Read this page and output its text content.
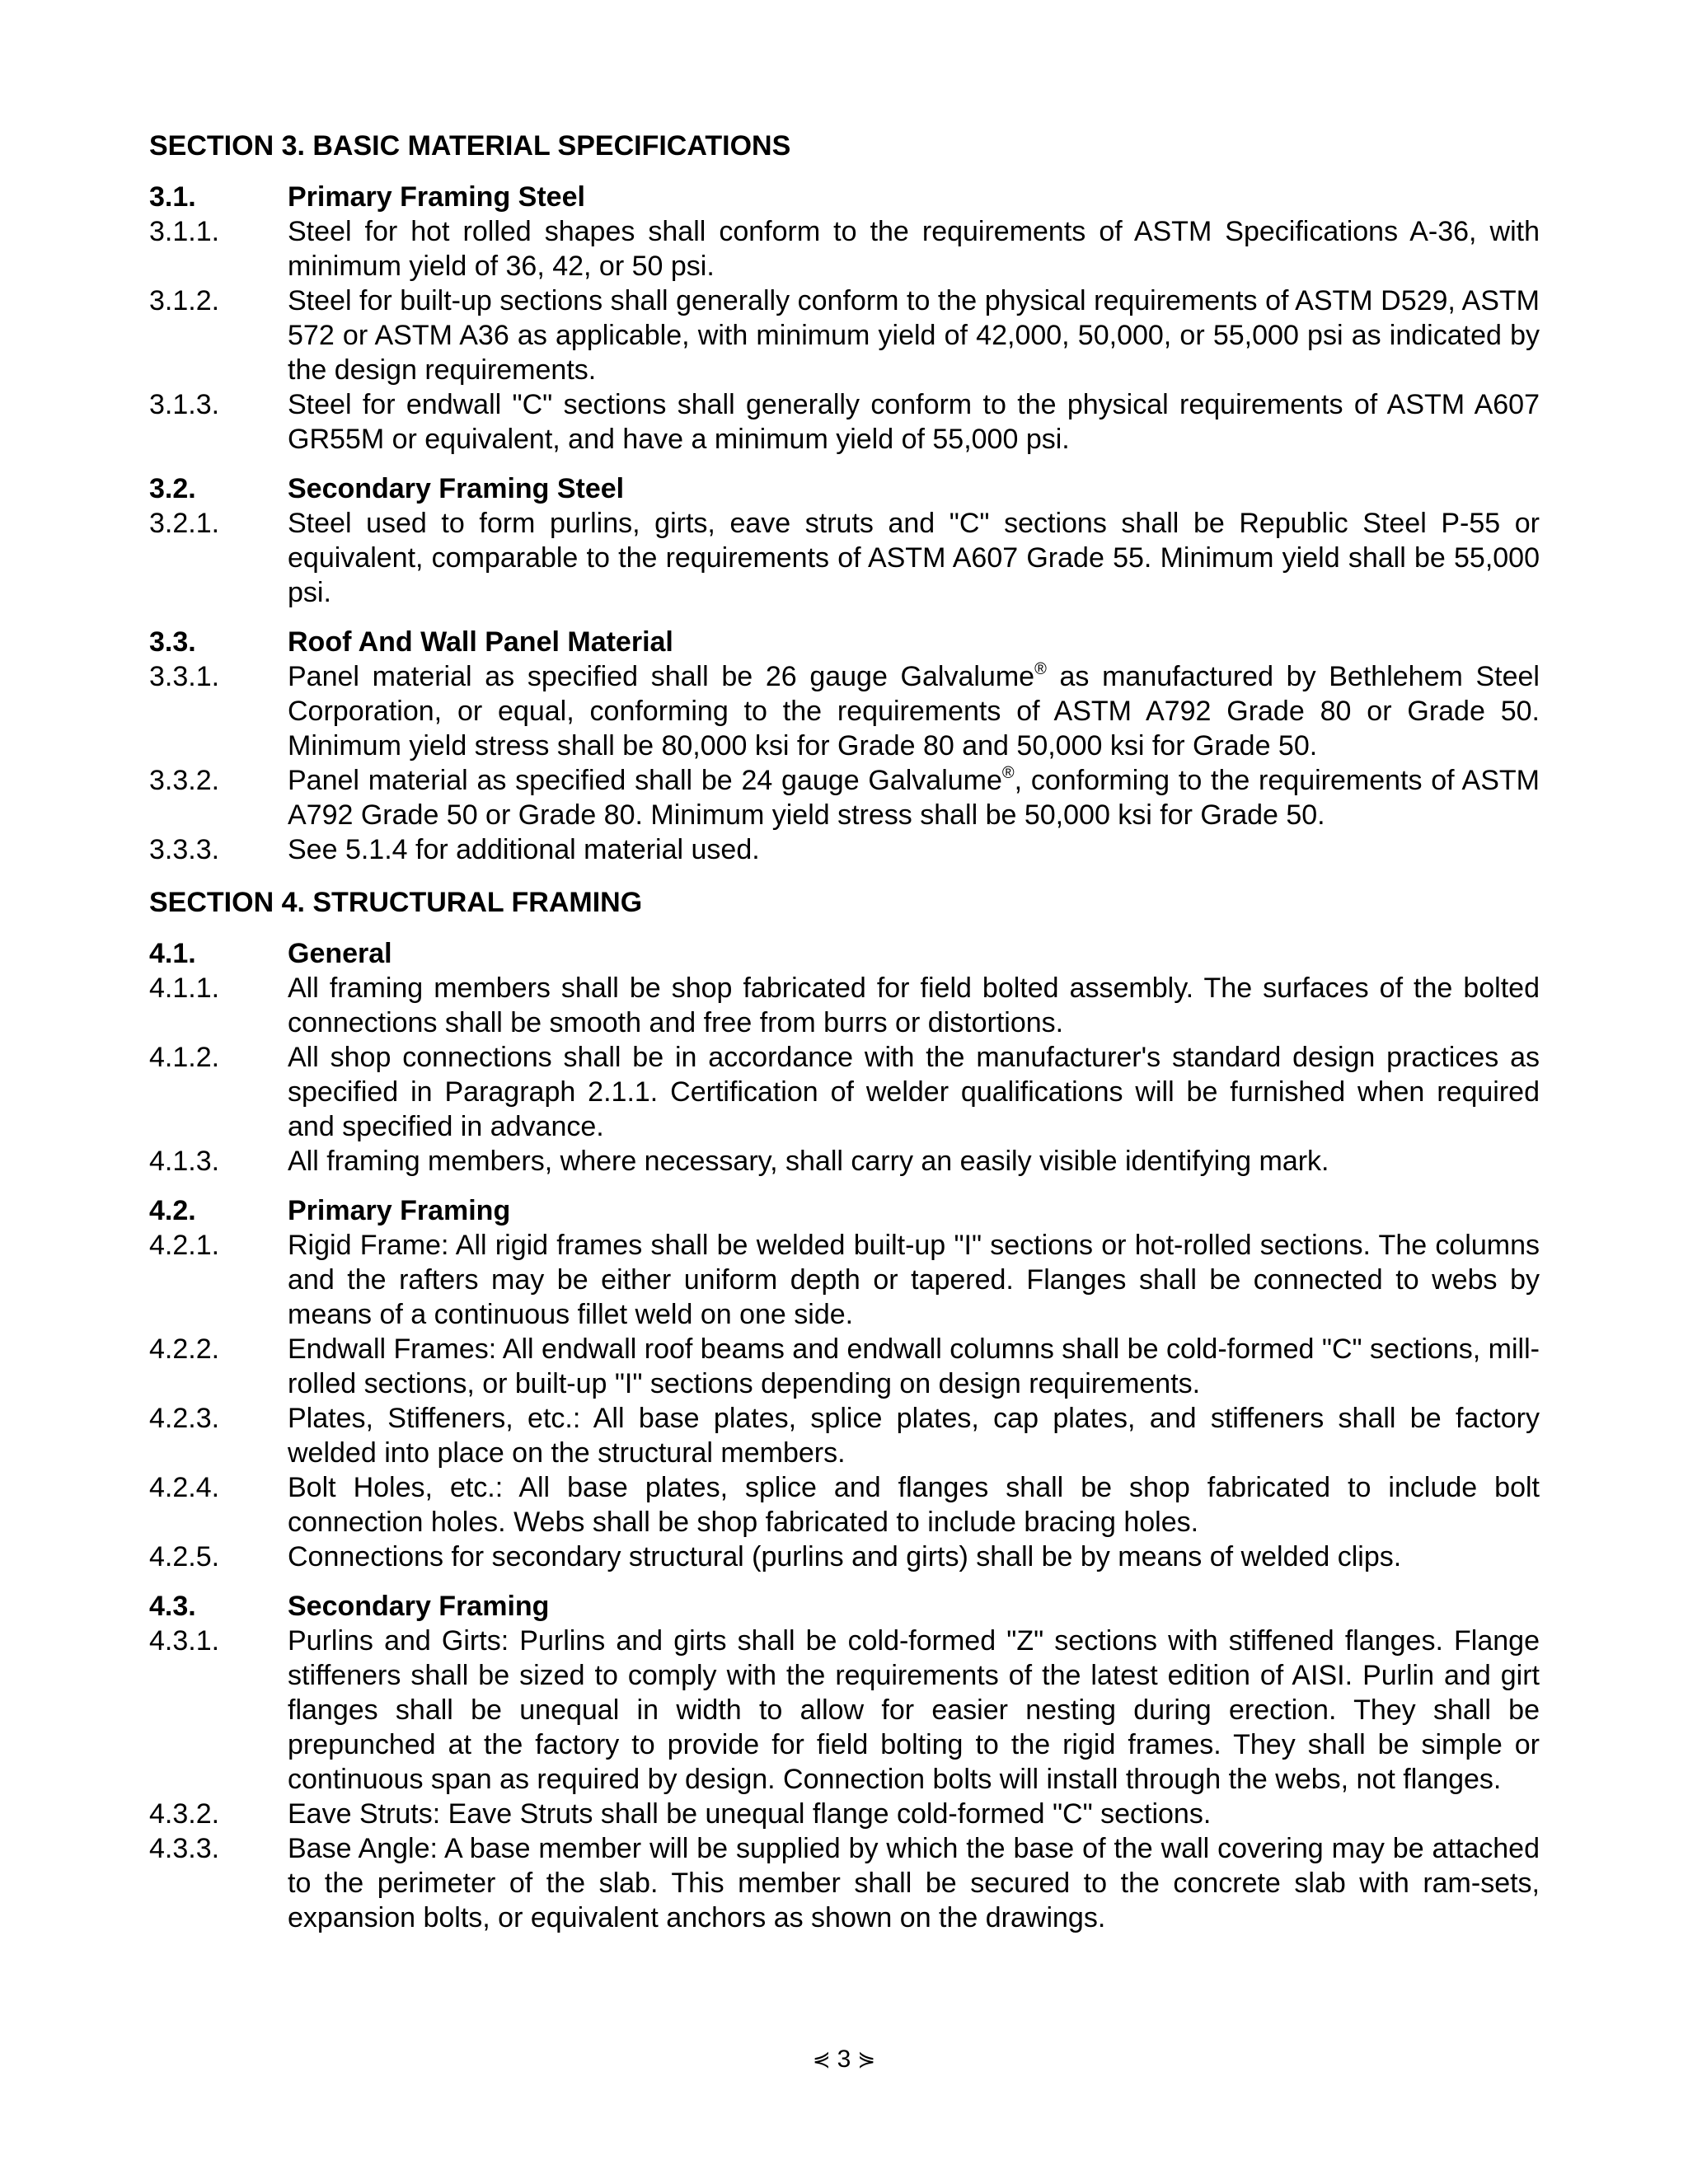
SECTION 3. BASIC MATERIAL SPECIFICATIONS
3.1.	Primary Framing Steel
3.1.1.	Steel for hot rolled shapes shall conform to the requirements of ASTM Specifications A-36, with minimum yield of 36, 42, or 50 psi.
3.1.2.	Steel for built-up sections shall generally conform to the physical requirements of ASTM D529, ASTM 572 or ASTM A36 as applicable, with minimum yield of 42,000, 50,000, or 55,000 psi as indicated by the design requirements.
3.1.3.	Steel for endwall "C" sections shall generally conform to the physical requirements of ASTM A607 GR55M or equivalent, and have a minimum yield of 55,000 psi.
3.2.	Secondary Framing Steel
3.2.1.	Steel used to form purlins, girts, eave struts and "C" sections shall be Republic Steel P-55 or equivalent, comparable to the requirements of ASTM A607 Grade 55. Minimum yield shall be 55,000 psi.
3.3.	Roof And Wall Panel Material
3.3.1.	Panel material as specified shall be 26 gauge Galvalume® as manufactured by Bethlehem Steel Corporation, or equal, conforming to the requirements of ASTM A792 Grade 80 or Grade 50. Minimum yield stress shall be 80,000 ksi for Grade 80 and 50,000 ksi for Grade 50.
3.3.2.	Panel material as specified shall be 24 gauge Galvalume®, conforming to the requirements of ASTM A792 Grade 50 or Grade 80. Minimum yield stress shall be 50,000 ksi for Grade 50.
3.3.3.	See 5.1.4 for additional material used.
SECTION 4. STRUCTURAL FRAMING
4.1.	General
4.1.1.	All framing members shall be shop fabricated for field bolted assembly. The surfaces of the bolted connections shall be smooth and free from burrs or distortions.
4.1.2.	All shop connections shall be in accordance with the manufacturer's standard design practices as specified in Paragraph 2.1.1. Certification of welder qualifications will be furnished when required and specified in advance.
4.1.3.	All framing members, where necessary, shall carry an easily visible identifying mark.
4.2.	Primary Framing
4.2.1.	Rigid Frame: All rigid frames shall be welded built-up "I" sections or hot-rolled sections. The columns and the rafters may be either uniform depth or tapered. Flanges shall be connected to webs by means of a continuous fillet weld on one side.
4.2.2.	Endwall Frames: All endwall roof beams and endwall columns shall be cold-formed "C" sections, mill-rolled sections, or built-up "I" sections depending on design requirements.
4.2.3.	Plates, Stiffeners, etc.: All base plates, splice plates, cap plates, and stiffeners shall be factory welded into place on the structural members.
4.2.4.	Bolt Holes, etc.: All base plates, splice and flanges shall be shop fabricated to include bolt connection holes. Webs shall be shop fabricated to include bracing holes.
4.2.5.	Connections for secondary structural (purlins and girts) shall be by means of welded clips.
4.3.	Secondary Framing
4.3.1.	Purlins and Girts: Purlins and girts shall be cold-formed "Z" sections with stiffened flanges. Flange stiffeners shall be sized to comply with the requirements of the latest edition of AISI. Purlin and girt flanges shall be unequal in width to allow for easier nesting during erection. They shall be prepunched at the factory to provide for field bolting to the rigid frames. They shall be simple or continuous span as required by design. Connection bolts will install through the webs, not flanges.
4.3.2.	Eave Struts: Eave Struts shall be unequal flange cold-formed "C" sections.
4.3.3.	Base Angle: A base member will be supplied by which the base of the wall covering may be attached to the perimeter of the slab. This member shall be secured to the concrete slab with ram-sets, expansion bolts, or equivalent anchors as shown on the drawings.
⋞ 3 ⋟
